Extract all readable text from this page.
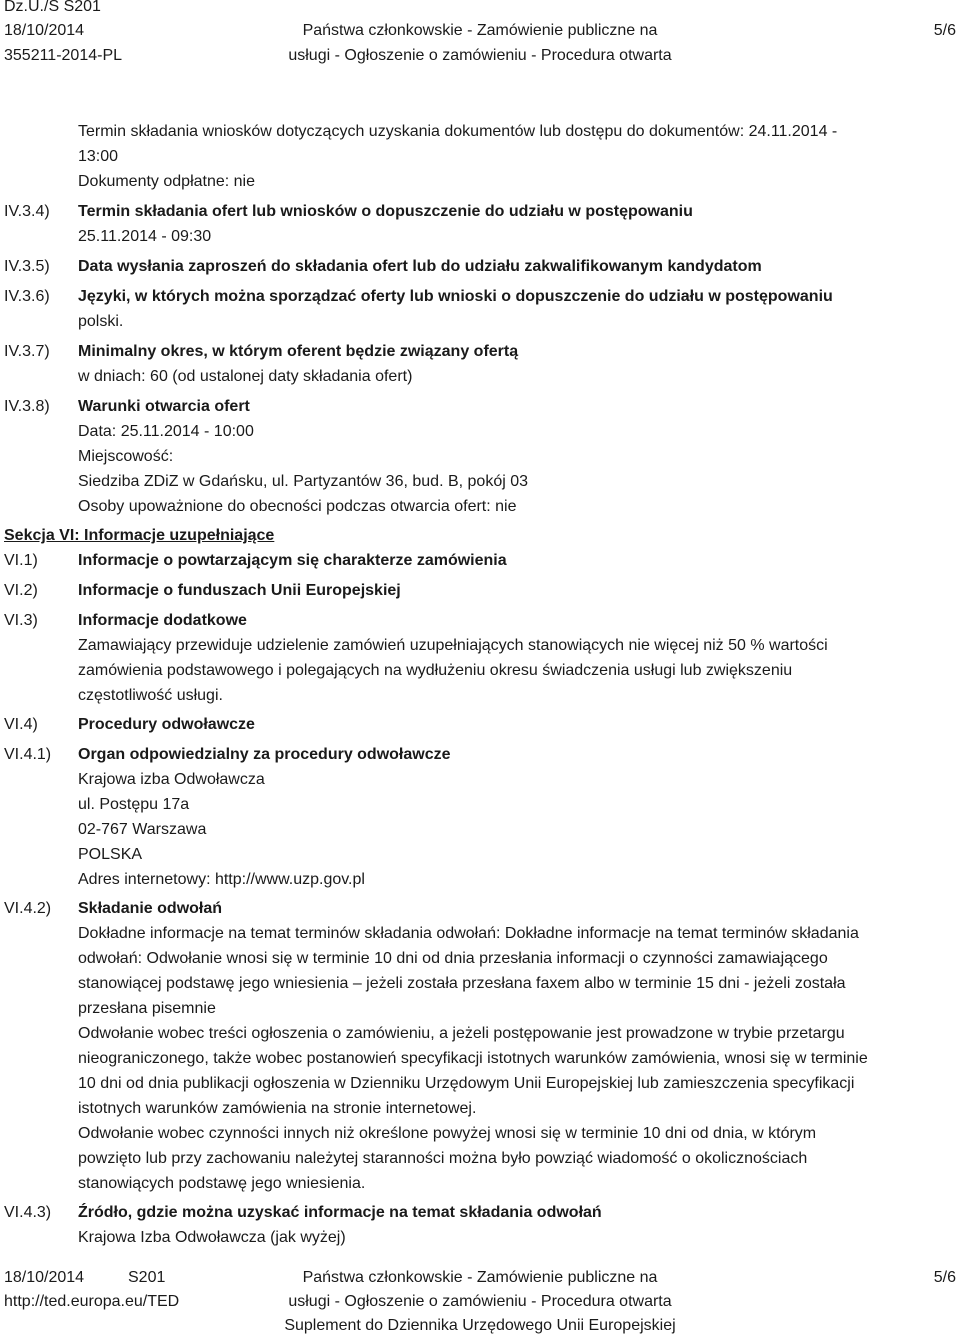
Dz.U./S S201
18/10/2014
355211-2014-PL
Państwa członkowskie - Zamówienie publiczne na
usługi - Ogłoszenie o zamówieniu - Procedura otwarta
5/6
Termin składania wniosków dotyczących uzyskania dokumentów lub dostępu do dokumentów: 24.11.2014 -
13:00
Dokumenty odpłatne: nie
IV.3.4) Termin składania ofert lub wniosków o dopuszczenie do udziału w postępowaniu
25.11.2014 - 09:30
IV.3.5) Data wysłania zaproszeń do składania ofert lub do udziału zakwalifikowanym kandydatom
IV.3.6) Języki, w których można sporządzać oferty lub wnioski o dopuszczenie do udziału w postępowaniu
polski.
IV.3.7) Minimalny okres, w którym oferent będzie związany ofertą
w dniach: 60 (od ustalonej daty składania ofert)
IV.3.8) Warunki otwarcia ofert
Data: 25.11.2014 - 10:00
Miejscowość:
Siedziba ZDiZ w Gdańsku, ul. Partyzantów 36, bud. B, pokój 03
Osoby upoważnione do obecności podczas otwarcia ofert: nie
Sekcja VI: Informacje uzupełniające
VI.1)	Informacje o powtarzającym się charakterze zamówienia
VI.2)	Informacje o funduszach Unii Europejskiej
VI.3)	Informacje dodatkowe
Zamawiający przewiduje udzielenie zamówień uzupełniających stanowiących nie więcej niż 50 % wartości
zamówienia podstawowego i polegających na wydłużeniu okresu świadczenia usługi lub zwiększeniu
częstotliwość usługi.
VI.4)	Procedury odwoławcze
VI.4.1) Organ odpowiedzialny za procedury odwoławcze
Krajowa izba Odwoławcza
ul. Postępu 17a
02-767 Warszawa
POLSKA
Adres internetowy: http://www.uzp.gov.pl
VI.4.2) Składanie odwołań
Dokładne informacje na temat terminów składania odwołań: Dokładne informacje na temat terminów składania
odwołań: Odwołanie wnosi się w terminie 10 dni od dnia przesłania informacji o czynności zamawiającego
stanowiącej podstawę jego wniesienia – jeżeli została przesłana faxem albo w terminie 15 dni - jeżeli została
przesłana pisemnie
Odwołanie wobec treści ogłoszenia o zamówieniu, a jeżeli postępowanie jest prowadzone w trybie przetargu
nieograniczonego, także wobec postanowień specyfikacji istotnych warunków zamówienia, wnosi się w terminie
10 dni od dnia publikacji ogłoszenia w Dzienniku Urzędowym Unii Europejskiej lub zamieszczenia specyfikacji
istotnych warunków zamówienia na stronie internetowej.
Odwołanie wobec czynności innych niż określone powyżej wnosi się w terminie 10 dni od dnia, w którym
powzięto lub przy zachowaniu należytej staranności można było powziąć wiadomość o okolicznościach
stanowiących podstawę jego wniesienia.
VI.4.3) Źródło, gdzie można uzyskać informacje na temat składania odwołań
Krajowa Izba Odwoławcza (jak wyżej)
18/10/2014	S201
http://ted.europa.eu/TED
Państwa członkowskie - Zamówienie publiczne na
usługi - Ogłoszenie o zamówieniu - Procedura otwarta
Suplement do Dziennika Urzędowego Unii Europejskiej
5/6
